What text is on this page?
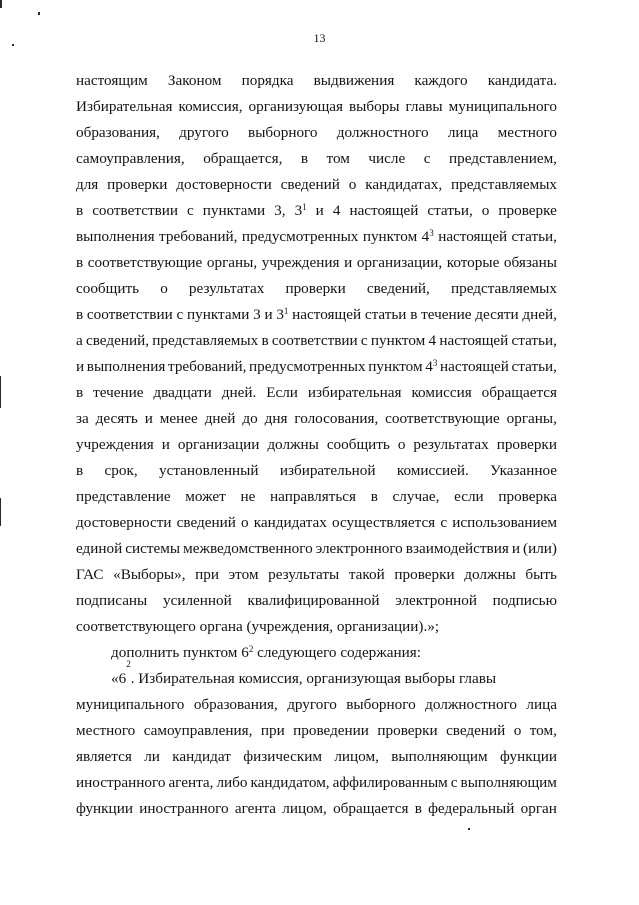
13
настоящим Законом порядка выдвижения каждого кандидата.
Избирательная комиссия, организующая выборы главы муниципального
образования, другого выборного должностного лица местного
самоуправления, обращается, в том числе с представлением,
для проверки достоверности сведений о кандидатах, представляемых
в соответствии с пунктами 3, $3^1$ и 4 настоящей статьи, о проверке
выполнения требований, предусмотренных пунктом $4^3$ настоящей статьи,
в соответствующие органы, учреждения и организации, которые обязаны
сообщить о результатах проверки сведений, представляемых
в соответствии с пунктами 3 и $3^1$ настоящей статьи в течение десяти дней,
а сведений, представляемых в соответствии с пунктом 4 настоящей статьи,
и выполнения требований, предусмотренных пунктом $4^3$ настоящей статьи,
в течение двадцати дней. Если избирательная комиссия обращается
за десять и менее дней до дня голосования, соответствующие органы,
учреждения и организации должны сообщить о результатах проверки
в срок, установленный избирательной комиссией. Указанное
представление может не направляться в случае, если проверка
достоверности сведений о кандидатах осуществляется с использованием
единой системы межведомственного электронного взаимодействия и (или)
ГАС «Выборы», при этом результаты такой проверки должны быть
подписаны усиленной квалифицированной электронной подписью
соответствующего органа (учреждения, организации).»;
дополнить пунктом $6^2$ следующего содержания:
«6
$^2$
. Избирательная комиссия, организующая выборы главы
муниципального образования, другого выборного должностного лица
местного самоуправления, при проведении проверки сведений о том,
является ли кандидат физическим лицом, выполняющим функции
иностранного агента, либо кандидатом, аффилированным с выполняющим
функции иностранного агента лицом, обращается в федеральный орган
